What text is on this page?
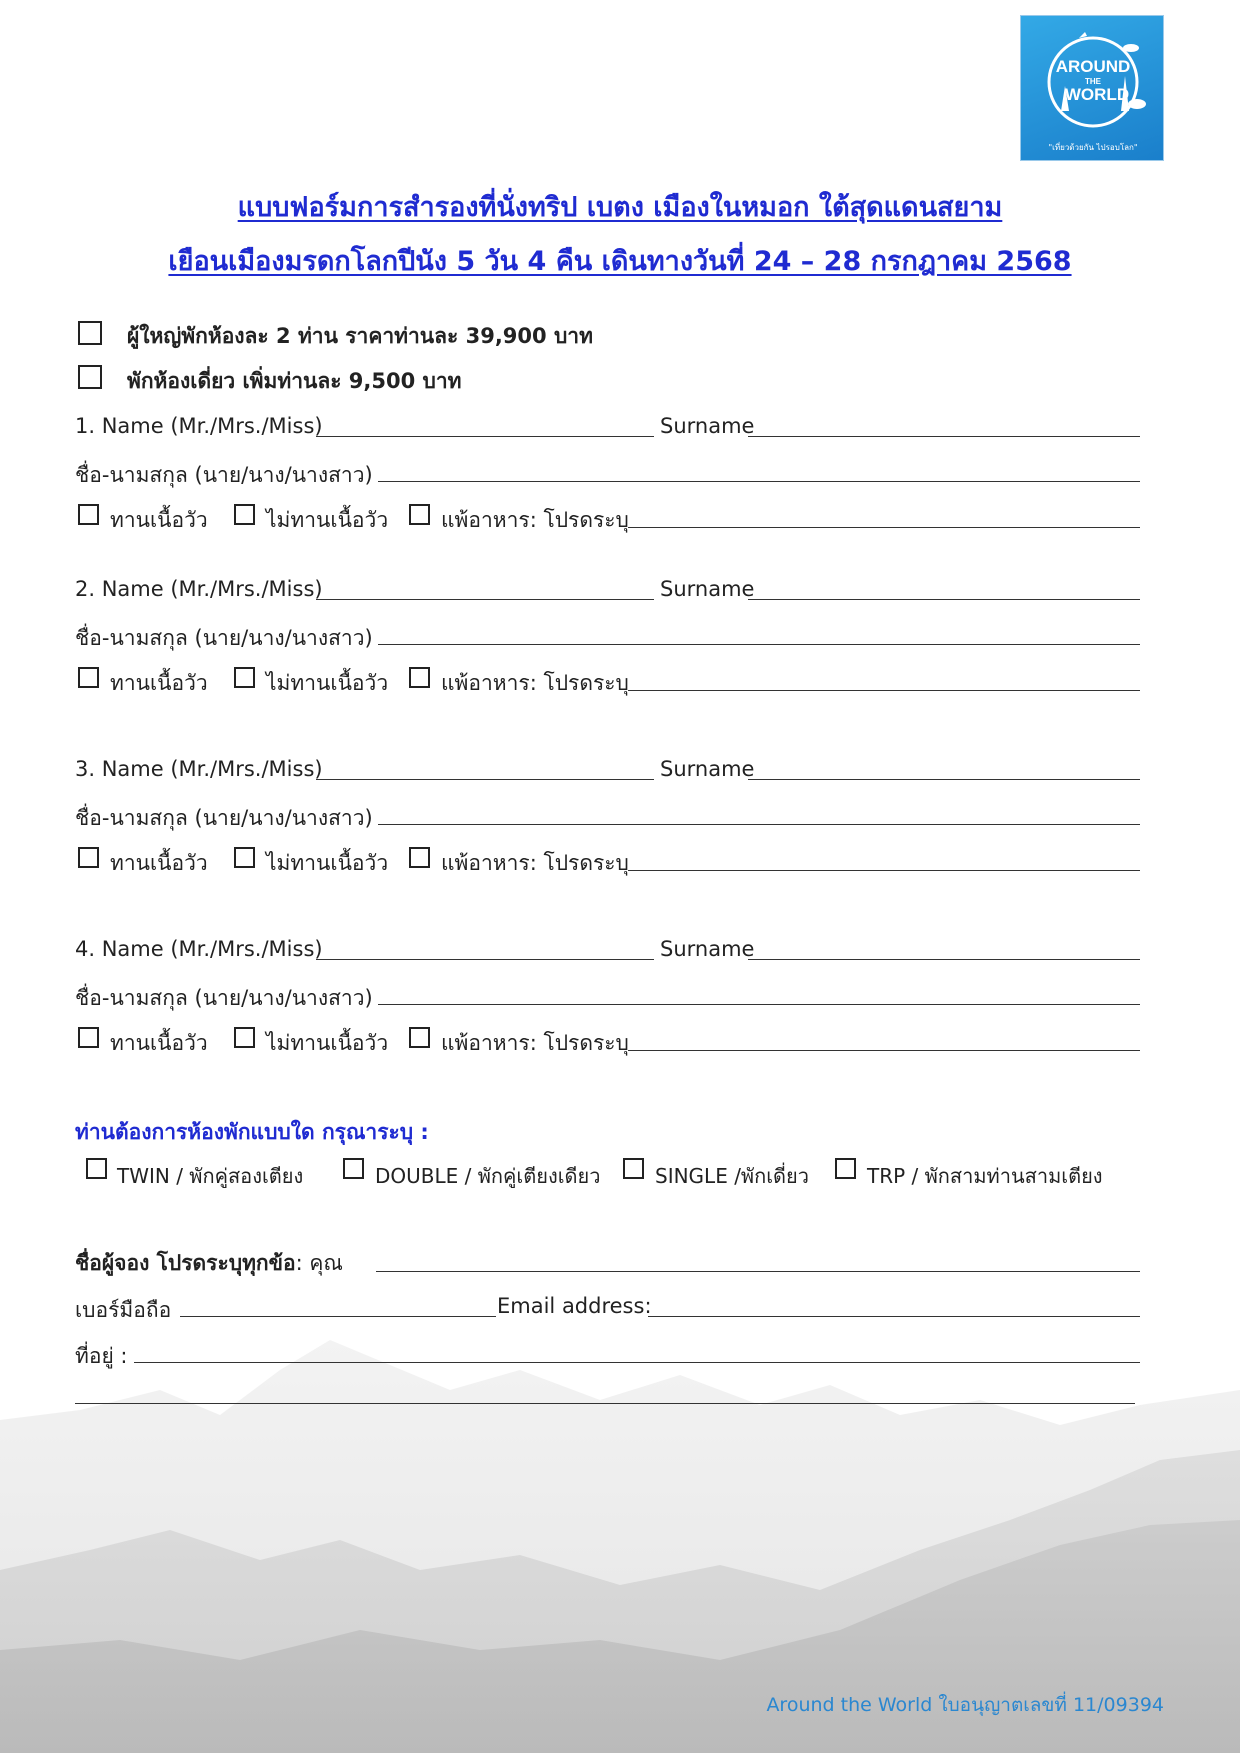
AROUND
THE
WORLD
"เที่ยวด้วยกัน ไปรอบโลก"
แบบฟอร์มการสำรองที่นั่งทริป เบตง เมืองในหมอก ใต้สุดแดนสยาม
เยือนเมืองมรดกโลกปีนัง 5 วัน 4 คืน เดินทางวันที่ 24 – 28 กรกฎาคม 2568
ผู้ใหญ่พักห้องละ 2 ท่าน ราคาท่านละ 39,900 บาท
พักห้องเดี่ยว เพิ่มท่านละ 9,500 บาท
1. Name (Mr./Mrs./Miss)	Surname
ชื่อ-นามสกุล (นาย/นาง/นางสาว)
ทานเนื้อวัว	ไม่ทานเนื้อวัว	แพ้อาหาร: โปรดระบุ
2. Name (Mr./Mrs./Miss)	Surname
ชื่อ-นามสกุล (นาย/นาง/นางสาว)
ทานเนื้อวัว	ไม่ทานเนื้อวัว	แพ้อาหาร: โปรดระบุ
3. Name (Mr./Mrs./Miss)	Surname
ชื่อ-นามสกุล (นาย/นาง/นางสาว)
ทานเนื้อวัว	ไม่ทานเนื้อวัว	แพ้อาหาร: โปรดระบุ
4. Name (Mr./Mrs./Miss)	Surname
ชื่อ-นามสกุล (นาย/นาง/นางสาว)
ทานเนื้อวัว	ไม่ทานเนื้อวัว	แพ้อาหาร: โปรดระบุ
ท่านต้องการห้องพักแบบใด กรุณาระบุ :
TWIN / พักคู่สองเตียง	DOUBLE / พักคู่เตียงเดียว	SINGLE /พักเดี่ยว	TRP / พักสามท่านสามเตียง
ชื่อผู้จอง โปรดระบุทุกข้อ: คุณ
เบอร์มือถือ	Email address:
ที่อยู่ :
Around the World ใบอนุญาตเลขที่ 11/09394
